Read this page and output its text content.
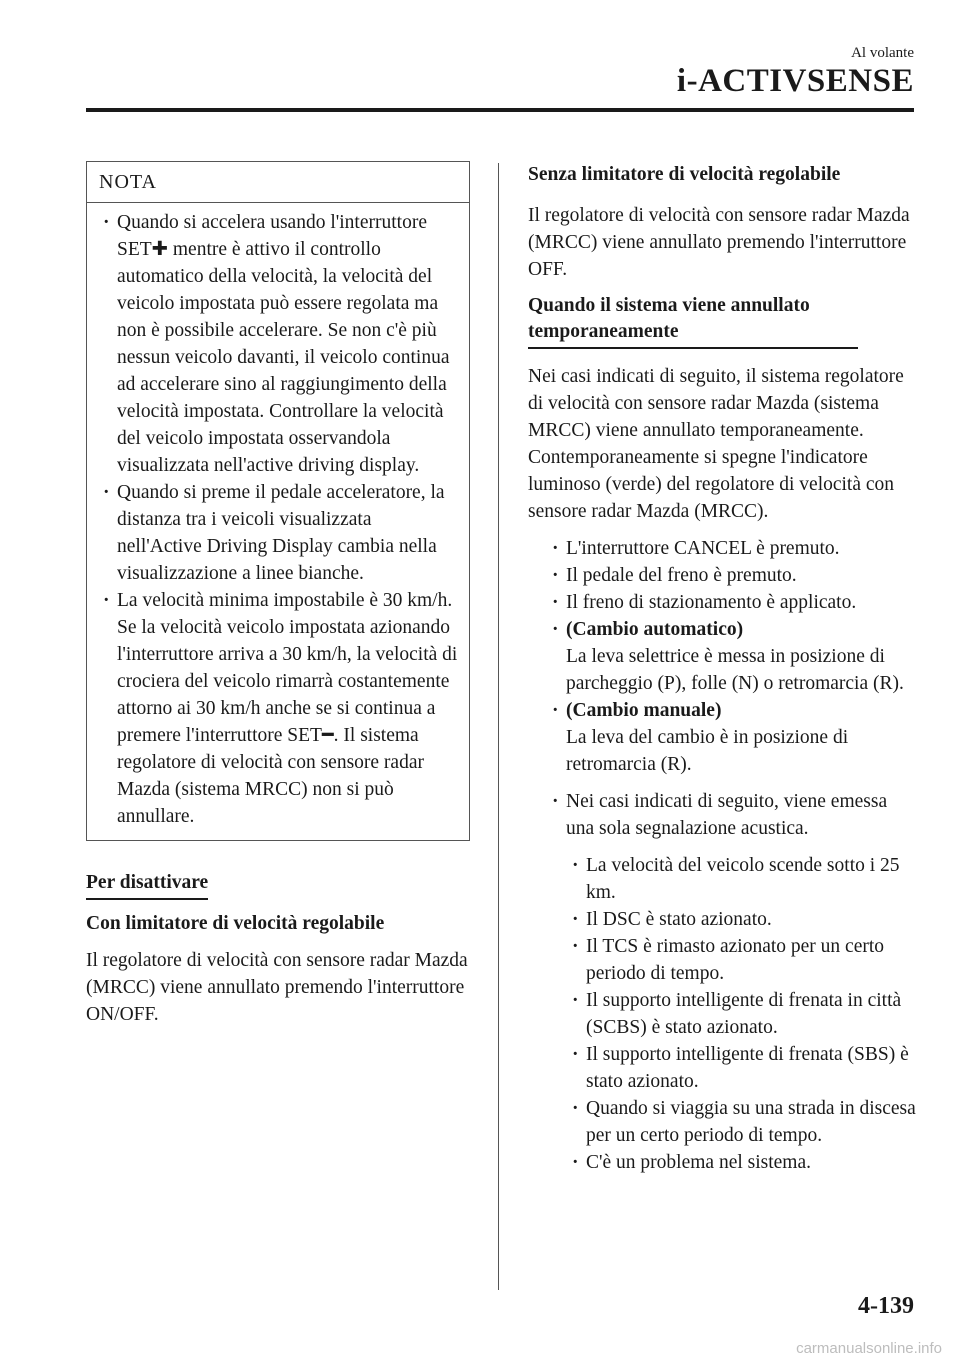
Al volante
i-ACTIVSENSE
NOTA
· Quando si accelera usando l'interruttore SET✚ mentre è attivo il controllo automatico della velocità, la velocità del veicolo impostata può essere regolata ma non è possibile accelerare. Se non c'è più nessun veicolo davanti, il veicolo continua ad accelerare sino al raggiungimento della velocità impostata. Controllare la velocità del veicolo impostata osservandola visualizzata nell'active driving display.
· Quando si preme il pedale acceleratore, la distanza tra i veicoli visualizzata nell'Active Driving Display cambia nella visualizzazione a linee bianche.
· La velocità minima impostabile è 30 km/h. Se la velocità veicolo impostata azionando l'interruttore arriva a 30 km/h, la velocità di crociera del veicolo rimarrà costantemente attorno ai 30 km/h anche se si continua a premere l'interruttore SET━. Il sistema regolatore di velocità con sensore radar Mazda (sistema MRCC) non si può annullare.
Per disattivare
Con limitatore di velocità regolabile

Il regolatore di velocità con sensore radar Mazda (MRCC) viene annullato premendo l'interruttore ON/OFF.

Senza limitatore di velocità regolabile

Il regolatore di velocità con sensore radar Mazda (MRCC) viene annullato premendo l'interruttore OFF.

Quando il sistema viene annullato temporaneamente

Nei casi indicati di seguito, il sistema regolatore di velocità con sensore radar Mazda (sistema MRCC) viene annullato temporaneamente. Contemporaneamente si spegne l'indicatore luminoso (verde) del regolatore di velocità con sensore radar Mazda (MRCC).

· L'interruttore CANCEL è premuto.
· Il pedale del freno è premuto.
· Il freno di stazionamento è applicato.
· (Cambio automatico)
La leva selettrice è messa in posizione di parcheggio (P), folle (N) o retromarcia (R).
· (Cambio manuale)
La leva del cambio è in posizione di retromarcia (R).
· Nei casi indicati di seguito, viene emessa una sola segnalazione acustica.
· La velocità del veicolo scende sotto i 25 km.
· Il DSC è stato azionato.
· Il TCS è rimasto azionato per un certo periodo di tempo.
· Il supporto intelligente di frenata in città (SCBS) è stato azionato.
· Il supporto intelligente di frenata (SBS) è stato azionato.
· Quando si viaggia su una strada in discesa per un certo periodo di tempo.
· C'è un problema nel sistema.
4-139
carmanualsonline.info
